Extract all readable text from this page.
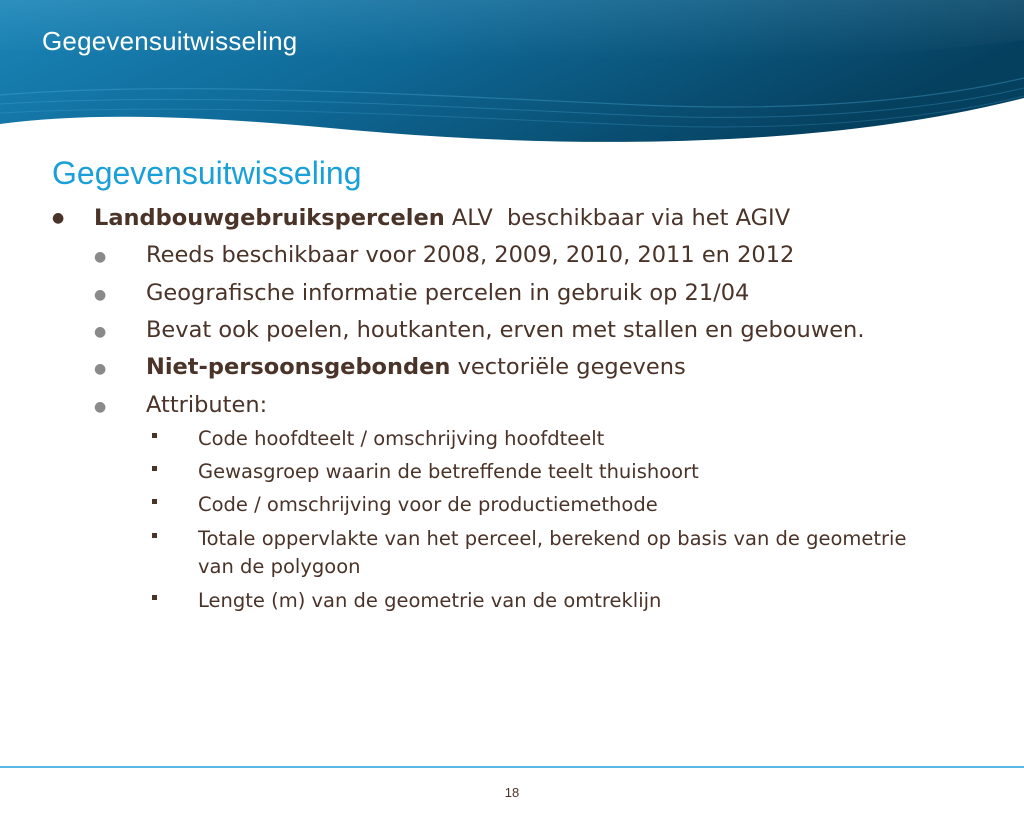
Gegevensuitwisseling
Gegevensuitwisseling
● Landbouwgebruikspercelen ALV  beschikbaar via het AGIV
● Reeds beschikbaar voor 2008, 2009, 2010, 2011 en 2012
● Geografische informatie percelen in gebruik op 21/04
● Bevat ook poelen, houtkanten, erven met stallen en gebouwen.
● Niet-persoonsgebonden vectoriële gegevens
● Attributen:
Code hoofdteelt / omschrijving hoofdteelt
Gewasgroep waarin de betreffende teelt thuishoort
Code / omschrijving voor de productiemethode
Totale oppervlakte van het perceel, berekend op basis van de geometrie van de polygoon
Lengte (m) van de geometrie van de omtreklijn
18
